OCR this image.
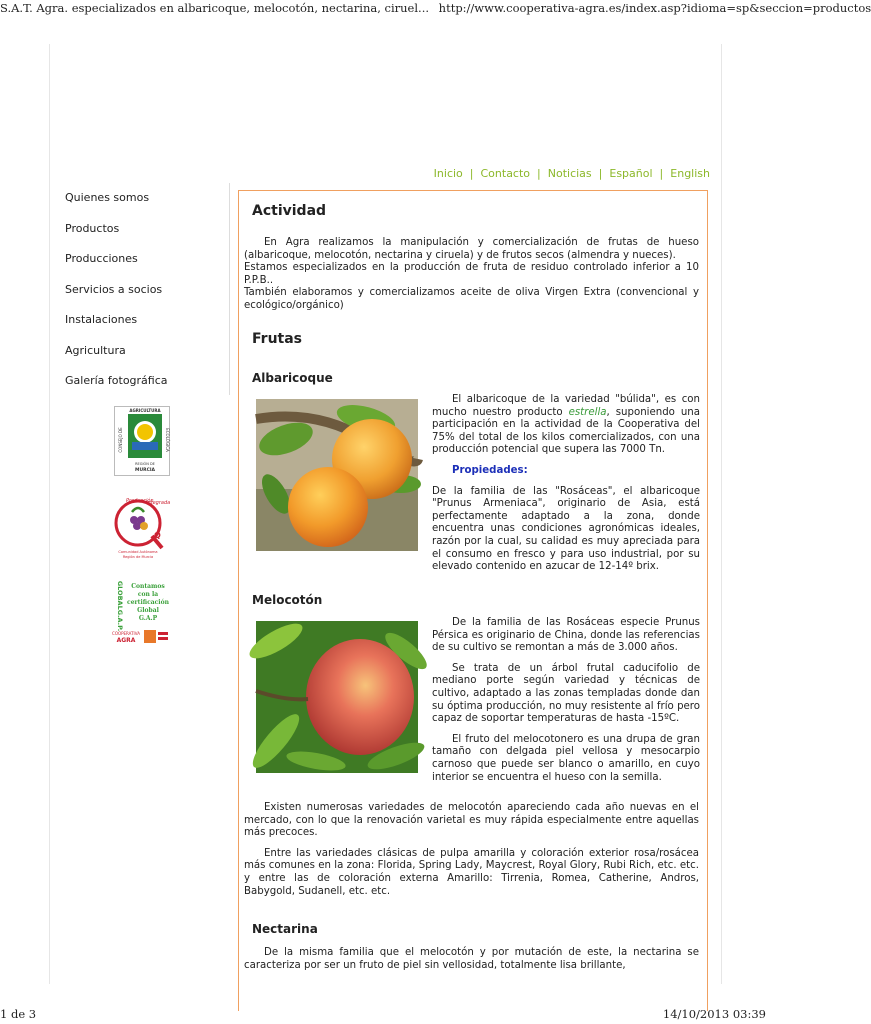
S.A.T. Agra. especializados en albaricoque, melocotón, nectarina, ciruel... http://www.cooperativa-agra.es/index.asp?idioma=sp&seccion=productos
Inicio | Contacto | Noticias | Español | English
Quienes somos
Productos
Producciones
Servicios a socios
Instalaciones
Agricultura
Galería fotográfica
AGRICULTURA
CONSEJO DE	ECOLÓGICA
REGIÓN DE
MURCIA
Producción
Integrada
Q
Comunidad Autónoma
Región de Murcia
GLOBALG.A.P. Contamos
con la
certificación
Global
G.A.P
COOPERATIVA
AGRA
Actividad

En Agra realizamos la manipulación y comercialización de frutas de hueso (albaricoque, melocotón, nectarina y ciruela) y de frutos secos (almendra y nueces).

Estamos especializados en la producción de fruta de residuo controlado inferior a 10 P.P.B..

También elaboramos y comercializamos aceite de oliva Virgen Extra (convencional y ecológico/orgánico)

Frutas
Albaricoque

El albaricoque de la variedad "búlida", es con mucho nuestro producto estrella, suponiendo una participación en la actividad de la Cooperativa del 75% del total de los kilos comercializados, con una producción potencial que supera las 7000 Tn.

Propiedades:

De la familia de las "Rosáceas", el albaricoque "Prunus Armeniaca", originario de Asia, está perfectamente adaptado a la zona, donde encuentra unas condiciones agronómicas ideales, razón por la cual, su calidad es muy apreciada para el consumo en fresco y para uso industrial, por su elevado contenido en azucar de 12-14º brix.

Melocotón

De la familia de las Rosáceas especie Prunus Pérsica es originario de China, donde las referencias de su cultivo se remontan a más de 3.000 años.

Se trata de un árbol frutal caducifolio de mediano porte según variedad y técnicas de cultivo, adaptado a las zonas templadas donde dan su óptima producción, no muy resistente al frío pero capaz de soportar temperaturas de hasta -15ºC.

El fruto del melocotonero es una drupa de gran tamaño con delgada piel vellosa y mesocarpio carnoso que puede ser blanco o amarillo, en cuyo interior se encuentra el hueso con la semilla.

Existen numerosas variedades de melocotón apareciendo cada año nuevas en el mercado, con lo que la renovación varietal es muy rápida especialmente entre aquellas más precoces.

Entre las variedades clásicas de pulpa amarilla y coloración exterior rosa/rosácea más comunes en la zona: Florida, Spring Lady, Maycrest, Royal Glory, Rubi Rich, etc. etc. y entre las de coloración externa Amarillo: Tirrenia, Romea, Catherine, Andros, Babygold, Sudanell, etc. etc.

Nectarina

De la misma familia que el melocotón y por mutación de este, la nectarina se caracteriza por ser un fruto de piel sin vellosidad, totalmente lisa brillante,

1 de 3	14/10/2013 03:39
